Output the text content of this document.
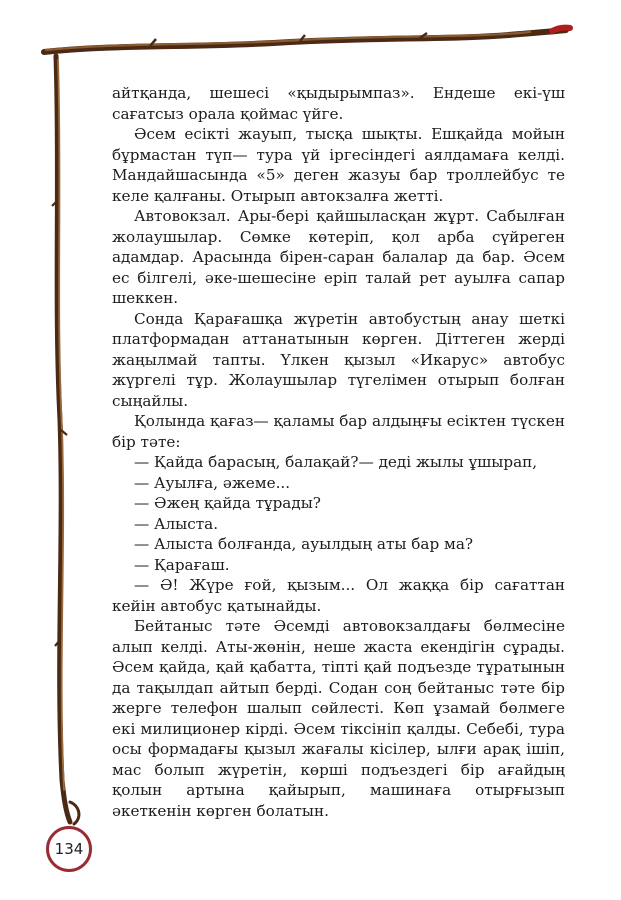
айтқанда, шешесі «қыдырымпаз». Ендеше екі-үш сағатсыз орала қоймас үйге.

Әсем есікті жауып, тысқа шықты. Ешқайда мойын бұрмастан түп— тура үй іргесіндегі аялдамаға келді. Мандайшасында «5» деген жазуы бар троллейбус те келе қалғаны. Отырып автокзалға жетті.

Автовокзал. Ары-бері қайшыласқан жұрт. Сабылған жолаушылар. Сөмке көтеріп, қол арба сүйреген адамдар. Арасында бірен-саран балалар да бар. Әсем ес білгелі, әке-шешесіне еріп талай рет ауылға сапар шеккен.

Сонда Қарағашқа жүретін автобустың анау шеткі платформадан аттанатынын көрген. Діттеген жерді жаңылмай тапты. Үлкен қызыл «Икарус» автобус жүргелі тұр. Жолаушылар түгелімен отырып болған сыңайлы.

Қолында қағаз— қаламы бар алдыңғы есіктен түскен бір тәте:

— Қайда барасың, балақай?— деді жылы ұшырап,

— Ауылға, әжеме...

— Әжең қайда тұрады?

— Алыста.

— Алыста болғанда, ауылдың аты бар ма?

— Қарағаш.

— Ә! Жүре ғой, қызым... Ол жаққа бір сағаттан кейін автобус қатынайды.

Бейтаныс тәте Әсемді автовокзалдағы бөлмесіне алып келді. Аты-жөнін, неше жаста екендігін сұрады. Әсем қайда, қай қабатта, тіпті қай подъезде тұратынын да тақылдап айтып берді. Содан соң бейтаныс тәте бір жерге телефон шалып сөйлесті. Көп ұзамай бөлмеге екі милиционер кірді. Әсем тіксініп қалды. Себебі, тура осы формадағы қызыл жағалы кісілер, ылғи арақ ішіп, мас болып жүретін, көрші подъездегі бір ағайдың қолын артына қайырып, машинаға отырғызып әкеткенін көрген болатын.

134
